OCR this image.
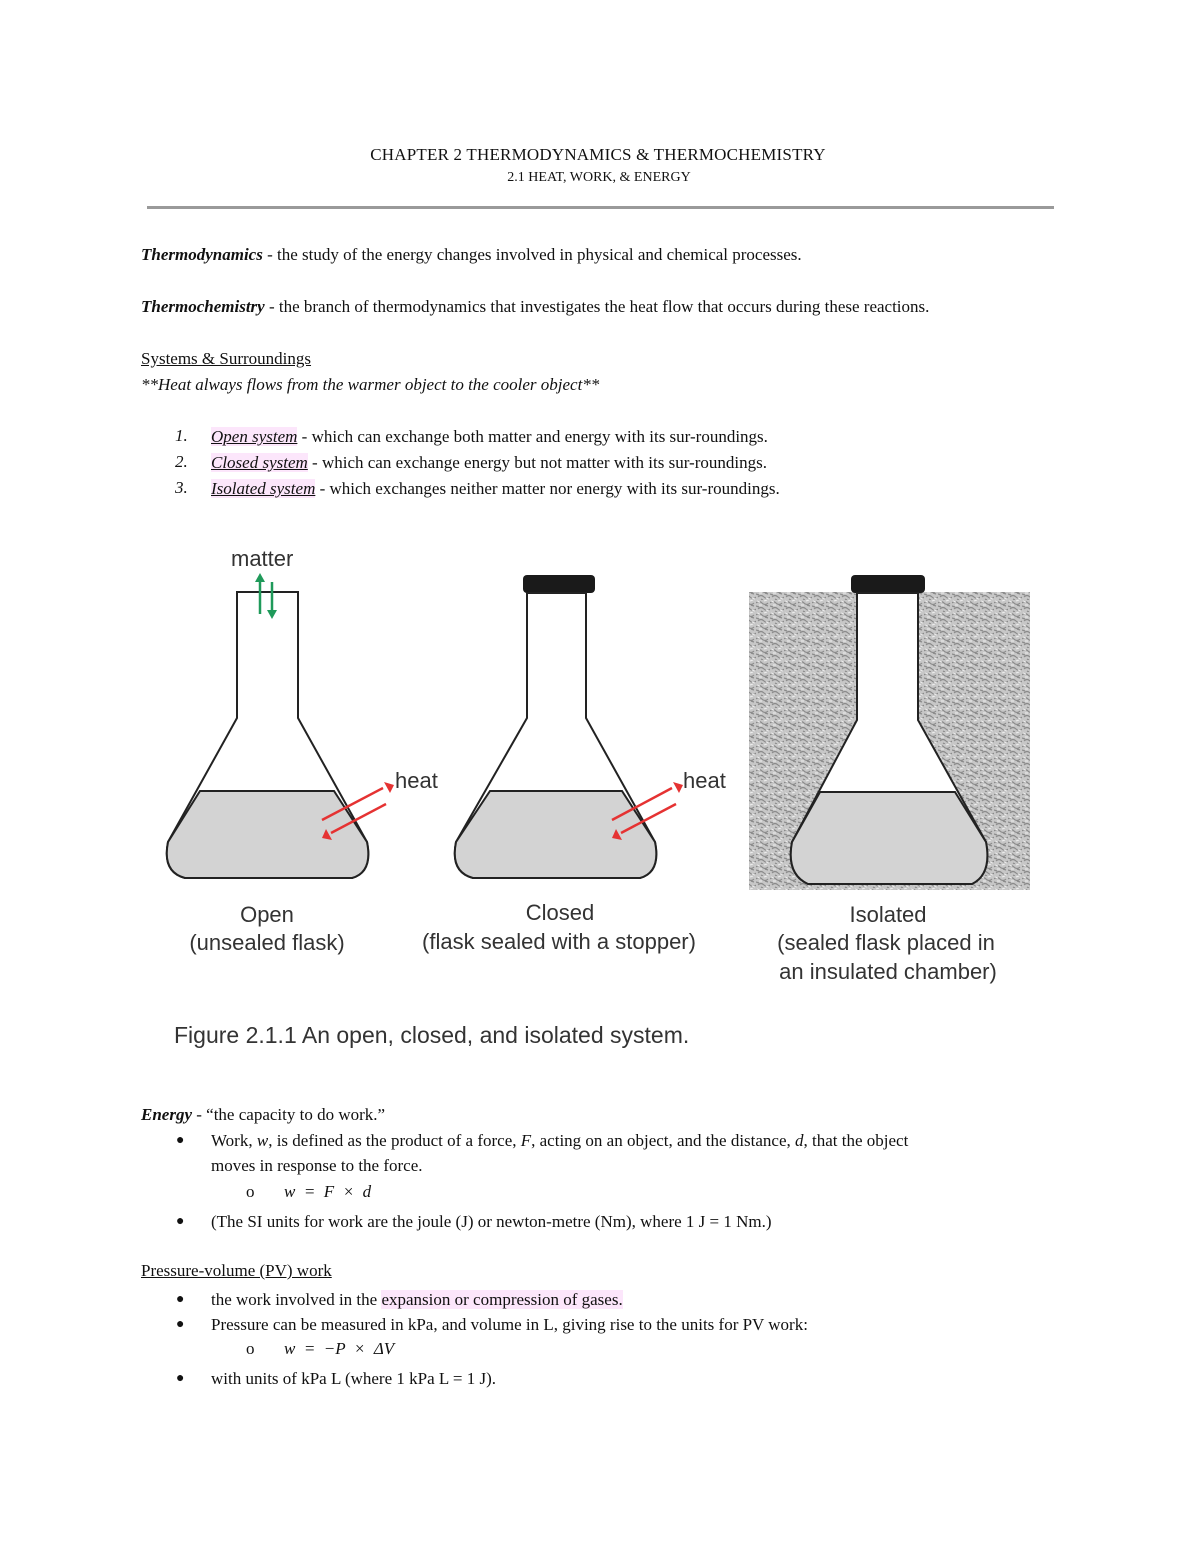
CHAPTER 2 THERMODYNAMICS & THERMOCHEMISTRY
2.1 HEAT, WORK, & ENERGY
Thermodynamics - the study of the energy changes involved in physical and chemical processes.
Thermochemistry - the branch of thermodynamics that investigates the heat flow that occurs during these reactions.
Systems & Surroundings
**Heat always flows from the warmer object to the cooler object**
1. Open system - which can exchange both matter and energy with its sur-roundings.
2. Closed system - which can exchange energy but not matter with its sur-roundings.
3. Isolated system - which exchanges neither matter nor energy with its sur-roundings.
matter
heat	heat
Open
(unsealed flask)
Closed
(flask sealed with a stopper)
Isolated
(sealed flask placed in
an insulated chamber)
Figure 2.1.1 An open, closed, and isolated system.
Energy - “the capacity to do work.”
● Work, w, is defined as the product of a force, F, acting on an object, and the distance, d, that the object
moves in response to the force.
o w  =  F  ×  d
● (The SI units for work are the joule (J) or newton-metre (Nm), where 1 J = 1 Nm.)
Pressure-volume (PV) work
● the work involved in the expansion or compression of gases.
● Pressure can be measured in kPa, and volume in L, giving rise to the units for PV work:
o w  =  −P  ×  ΔV
● with units of kPa L (where 1 kPa L = 1 J).
